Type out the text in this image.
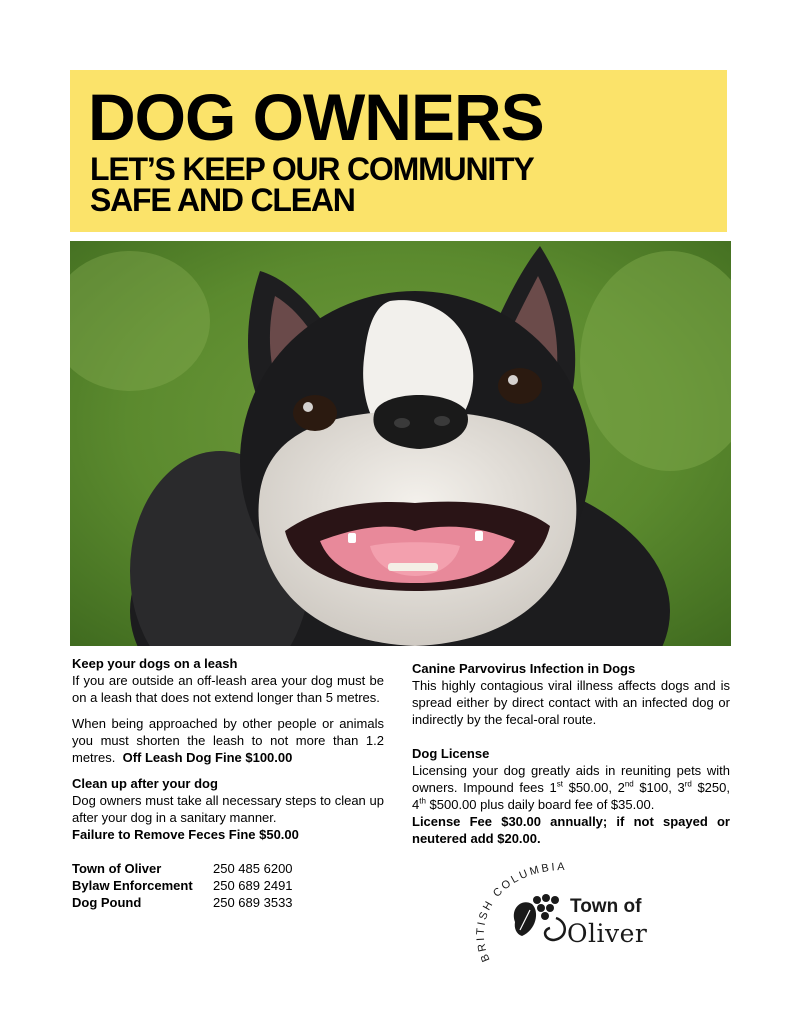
DOG OWNERS
LET’S KEEP OUR COMMUNITY
SAFE AND CLEAN
Keep your dogs on a leash
If you are outside an off-leash area your dog must be on a leash that does not extend longer than 5 metres.
When being approached by other people or animals you must shorten the leash to not more than 1.2 metres. Off Leash Dog Fine $100.00
Clean up after your dog
Dog owners must take all necessary steps to clean up after your dog in a sanitary manner.
Failure to Remove Feces Fine $50.00
Town of Oliver	250 485 6200
Bylaw Enforcement	250 689 2491
Dog Pound	250 689 3533
Canine Parvovirus Infection in Dogs
This highly contagious viral illness affects dogs and is spread either by direct contact with an infected dog or indirectly by the fecal-oral route.
Dog License
Licensing your dog greatly aids in reuniting pets with owners. Impound fees 1st $50.00, 2nd $100, 3rd $250, 4th $500.00 plus daily board fee of $35.00.
License Fee $30.00 annually; if not spayed or neutered add $20.00.
BRITISH COLUMBIA
Town of
Oliver
